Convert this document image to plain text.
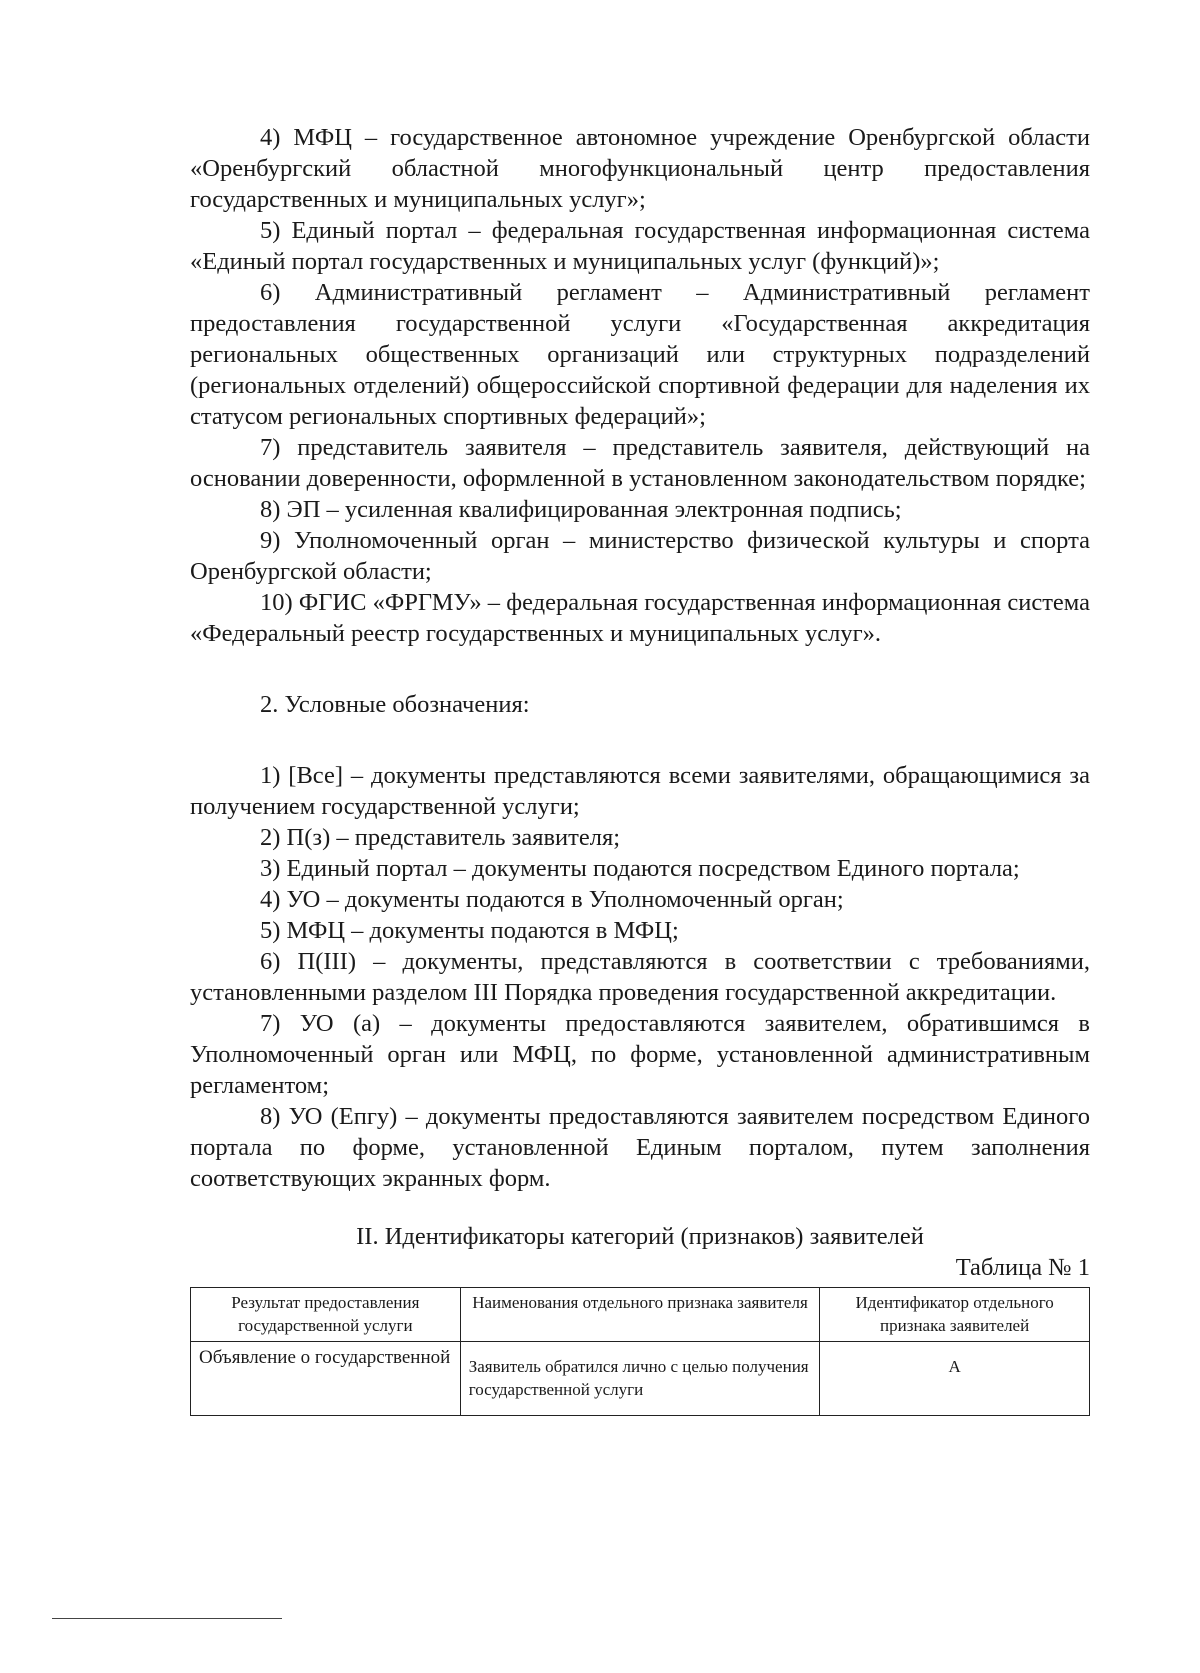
4) МФЦ – государственное автономное учреждение Оренбургской области «Оренбургский областной многофункциональный центр предоставления государственных и муниципальных услуг»;

5) Единый портал – федеральная государственная информационная система «Единый портал государственных и муниципальных услуг (функций)»;

6) Административный регламент – Административный регламент предоставления государственной услуги «Государственная аккредитация региональных общественных организаций или структурных подразделений (региональных отделений) общероссийской спортивной федерации для наделения их статусом региональных спортивных федераций»;

7) представитель заявителя – представитель заявителя, действующий на основании доверенности, оформленной в установленном законодательством порядке;

8) ЭП – усиленная квалифицированная электронная подпись;

9) Уполномоченный орган – министерство физической культуры и спорта Оренбургской области;

10) ФГИС «ФРГМУ» – федеральная государственная информационная система «Федеральный реестр государственных и муниципальных услуг».

2. Условные обозначения:

1) [Все] – документы представляются всеми заявителями, обращающимися за получением государственной услуги;

2) П(з) – представитель заявителя;

3) Единый портал – документы подаются посредством Единого портала;

4) УО – документы подаются в Уполномоченный орган;

5) МФЦ – документы подаются в МФЦ;

6) П(III) – документы, представляются в соответствии с требованиями, установленными разделом III Порядка проведения государственной аккредитации.

7) УО (а) – документы предоставляются заявителем, обратившимся в Уполномоченный орган или МФЦ, по форме, установленной административным регламентом;

8) УО (Епгу) – документы предоставляются заявителем посредством Единого портала по форме, установленной Единым порталом, путем заполнения соответствующих экранных форм.

II. Идентификаторы категорий (признаков) заявителей

Таблица № 1

Результат предоставления государственной услуги	Наименования отдельного признака заявителя	Идентификатор отдельного признака заявителей
Объявление о государственной	Заявитель обратился лично с целью получения государственной услуги	А
